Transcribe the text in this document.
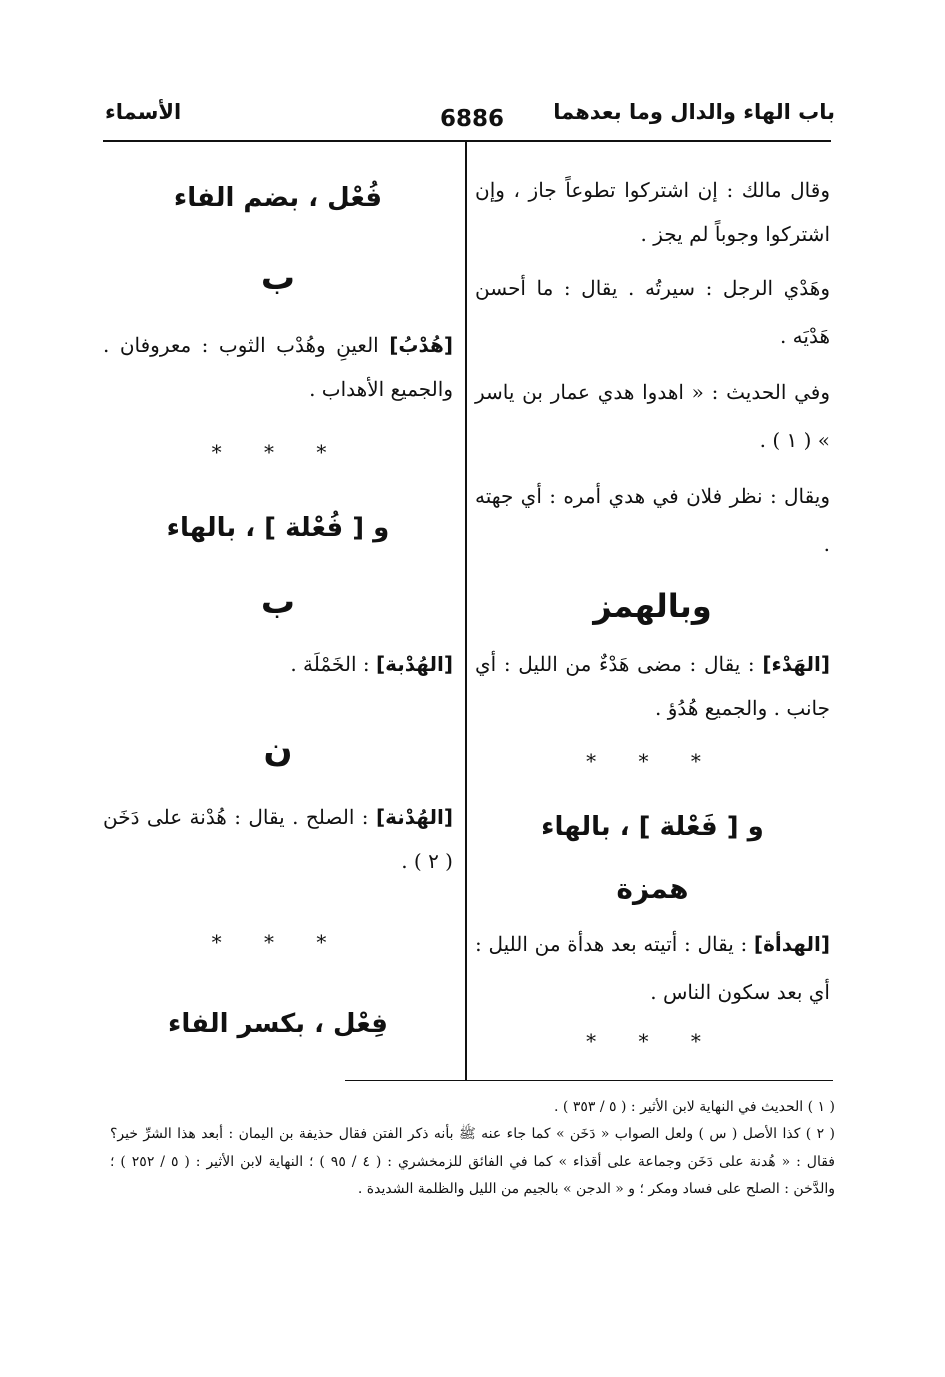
باب الهاء والدال وما بعدهما
6886
الأسماء
وقال مالك : إن اشتركوا تطوعاً جاز ، وإن اشتركوا وجوباً لم يجز .
وهَدْي الرجل : سيرتُه . يقال : ما أحسن هَدْيَه .
وفي الحديث : « اهدوا هدي عمار بن ياسر » ( ١ ) .
ويقال : نظر فلان في هدي أمره : أي جهته .
وبالهمز
[الهَدْء] : يقال : مضى هَدْءٌ من الليل : أي جانب . والجميع هُدُؤ .
* * *
و [ فَعْلة ] ، بالهاء
همزة
[الهدأة] : يقال : أتيته بعد هدأة من الليل : أي بعد سكون الناس .
* * *
فُعْل ، بضم الفاء
ب
[هُدْبُ] العينِ وهُدْب الثوب : معروفان . والجميع الأهداب .
* * *
و [ فُعْلة ] ، بالهاء
ب
[الهُدْبة] : الخَمْلَة .
ن
[الهُدْنة] : الصلح . يقال : هُدْنة على دَخَن ( ٢ ) .
* * *
فِعْل ، بكسر الفاء
( ١ ) الحديث في النهاية لابن الأثير : ( ٥ / ٣٥٣ ) .
( ٢ ) كذا الأصل ( س ) ولعل الصواب « دَخَن » كما جاء عنه ﷺ بأنه ذكر الفتن فقال حذيفة بن اليمان : أبعد هذا الشرِّ خير؟ فقال : « هُدنة على دَخَن وجماعة على أقذاء » كما في الفائق للزمخشري : ( ٤ / ٩٥ ) ؛ النهاية لابن الأثير : ( ٥ / ٢٥٢ ) ؛ والدَّخن : الصلح على فساد ومكر ؛ و « الدجن » بالجيم من الليل والظلمة الشديدة .
